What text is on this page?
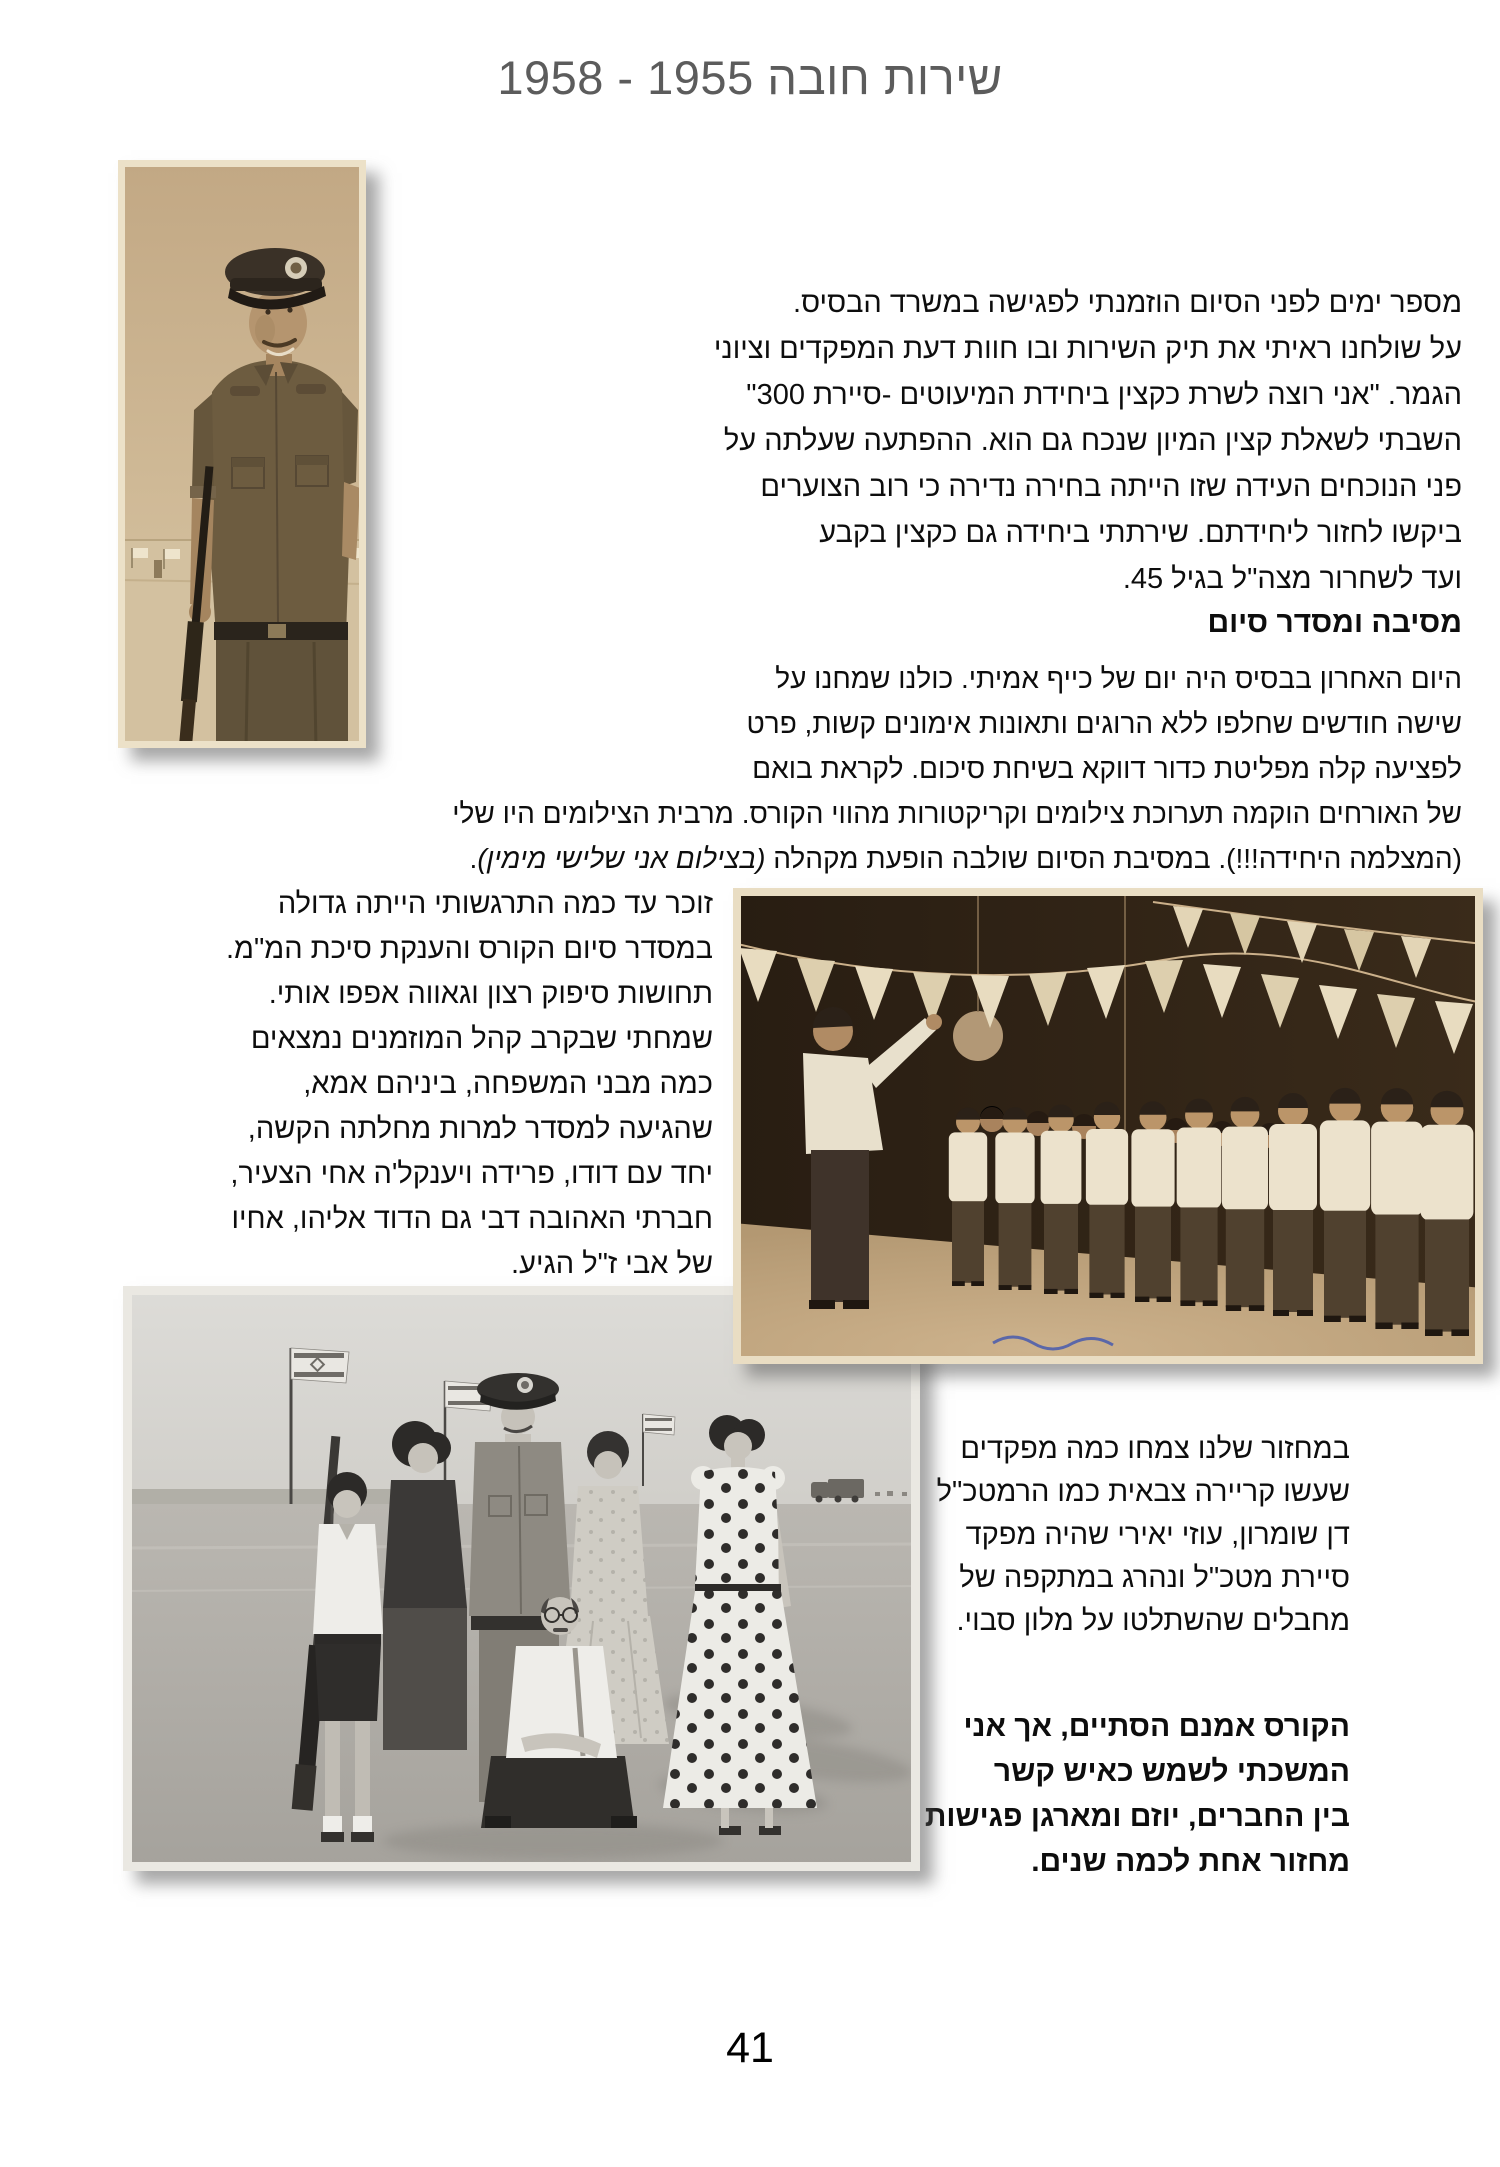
שירות חובה 1955 - 1958
מספר ימים לפני הסיום הוזמנתי לפגישה במשרד הבסיס.
על שולחנו ראיתי את תיק השירות ובו חוות דעת המפקדים וציוני
הגמר. "אני רוצה לשרת כקצין ביחידת המיעוטים -סיירת 300"
השבתי לשאלת קצין המיון שנכח גם הוא. ההפתעה שעלתה על
פני הנוכחים העידה שזו הייתה בחירה נדירה כי רוב הצוערים
ביקשו לחזור ליחידתם. שירתתי ביחידה גם כקצין בקבע
ועד לשחרור מצה"ל בגיל 45.
מסיבה ומסדר סיום
היום האחרון בבסיס היה יום של כייף אמיתי. כולנו שמחנו על
שישה חודשים שחלפו ללא הרוגים ותאונות אימונים קשות, פרט
לפציעה קלה מפליטת כדור דווקא בשיחת סיכום. לקראת בואם
של האורחים הוקמה תערוכת צילומים וקריקטורות מהווי הקורס. מרבית הצילומים היו שלי
(המצלמה היחידה!!!). במסיבת הסיום שולבה הופעת מקהלה (בצילום אני שלישי מימין).
זוכר עד כמה התרגשותי הייתה גדולה
במסדר סיום הקורס והענקת סיכת המ"מ.
תחושות סיפוק רצון וגאווה אפפו אותי.
שמחתי שבקרב קהל המוזמנים נמצאים
כמה מבני המשפחה, ביניהם אמא,
שהגיעה למסדר למרות מחלתה הקשה,
יחד עם דודו, פרידה ויענקל'ה אחי הצעיר,
חברתי האהובה דבי גם הדוד אליהו, אחיו
של אבי ז"ל הגיע.
במחזור שלנו צמחו כמה מפקדים
שעשו קריירה צבאית כמו הרמטכ"ל
דן שומרון, עוזי יאירי שהיה מפקד
סיירת מטכ"ל ונהרג במתקפה של
מחבלים שהשתלטו על מלון סבוי.
הקורס אמנם הסתיים, אך אני
המשכתי לשמש כאיש קשר
בין החברים, יוזם ומארגן פגישות
מחזור אחת לכמה שנים.
41
